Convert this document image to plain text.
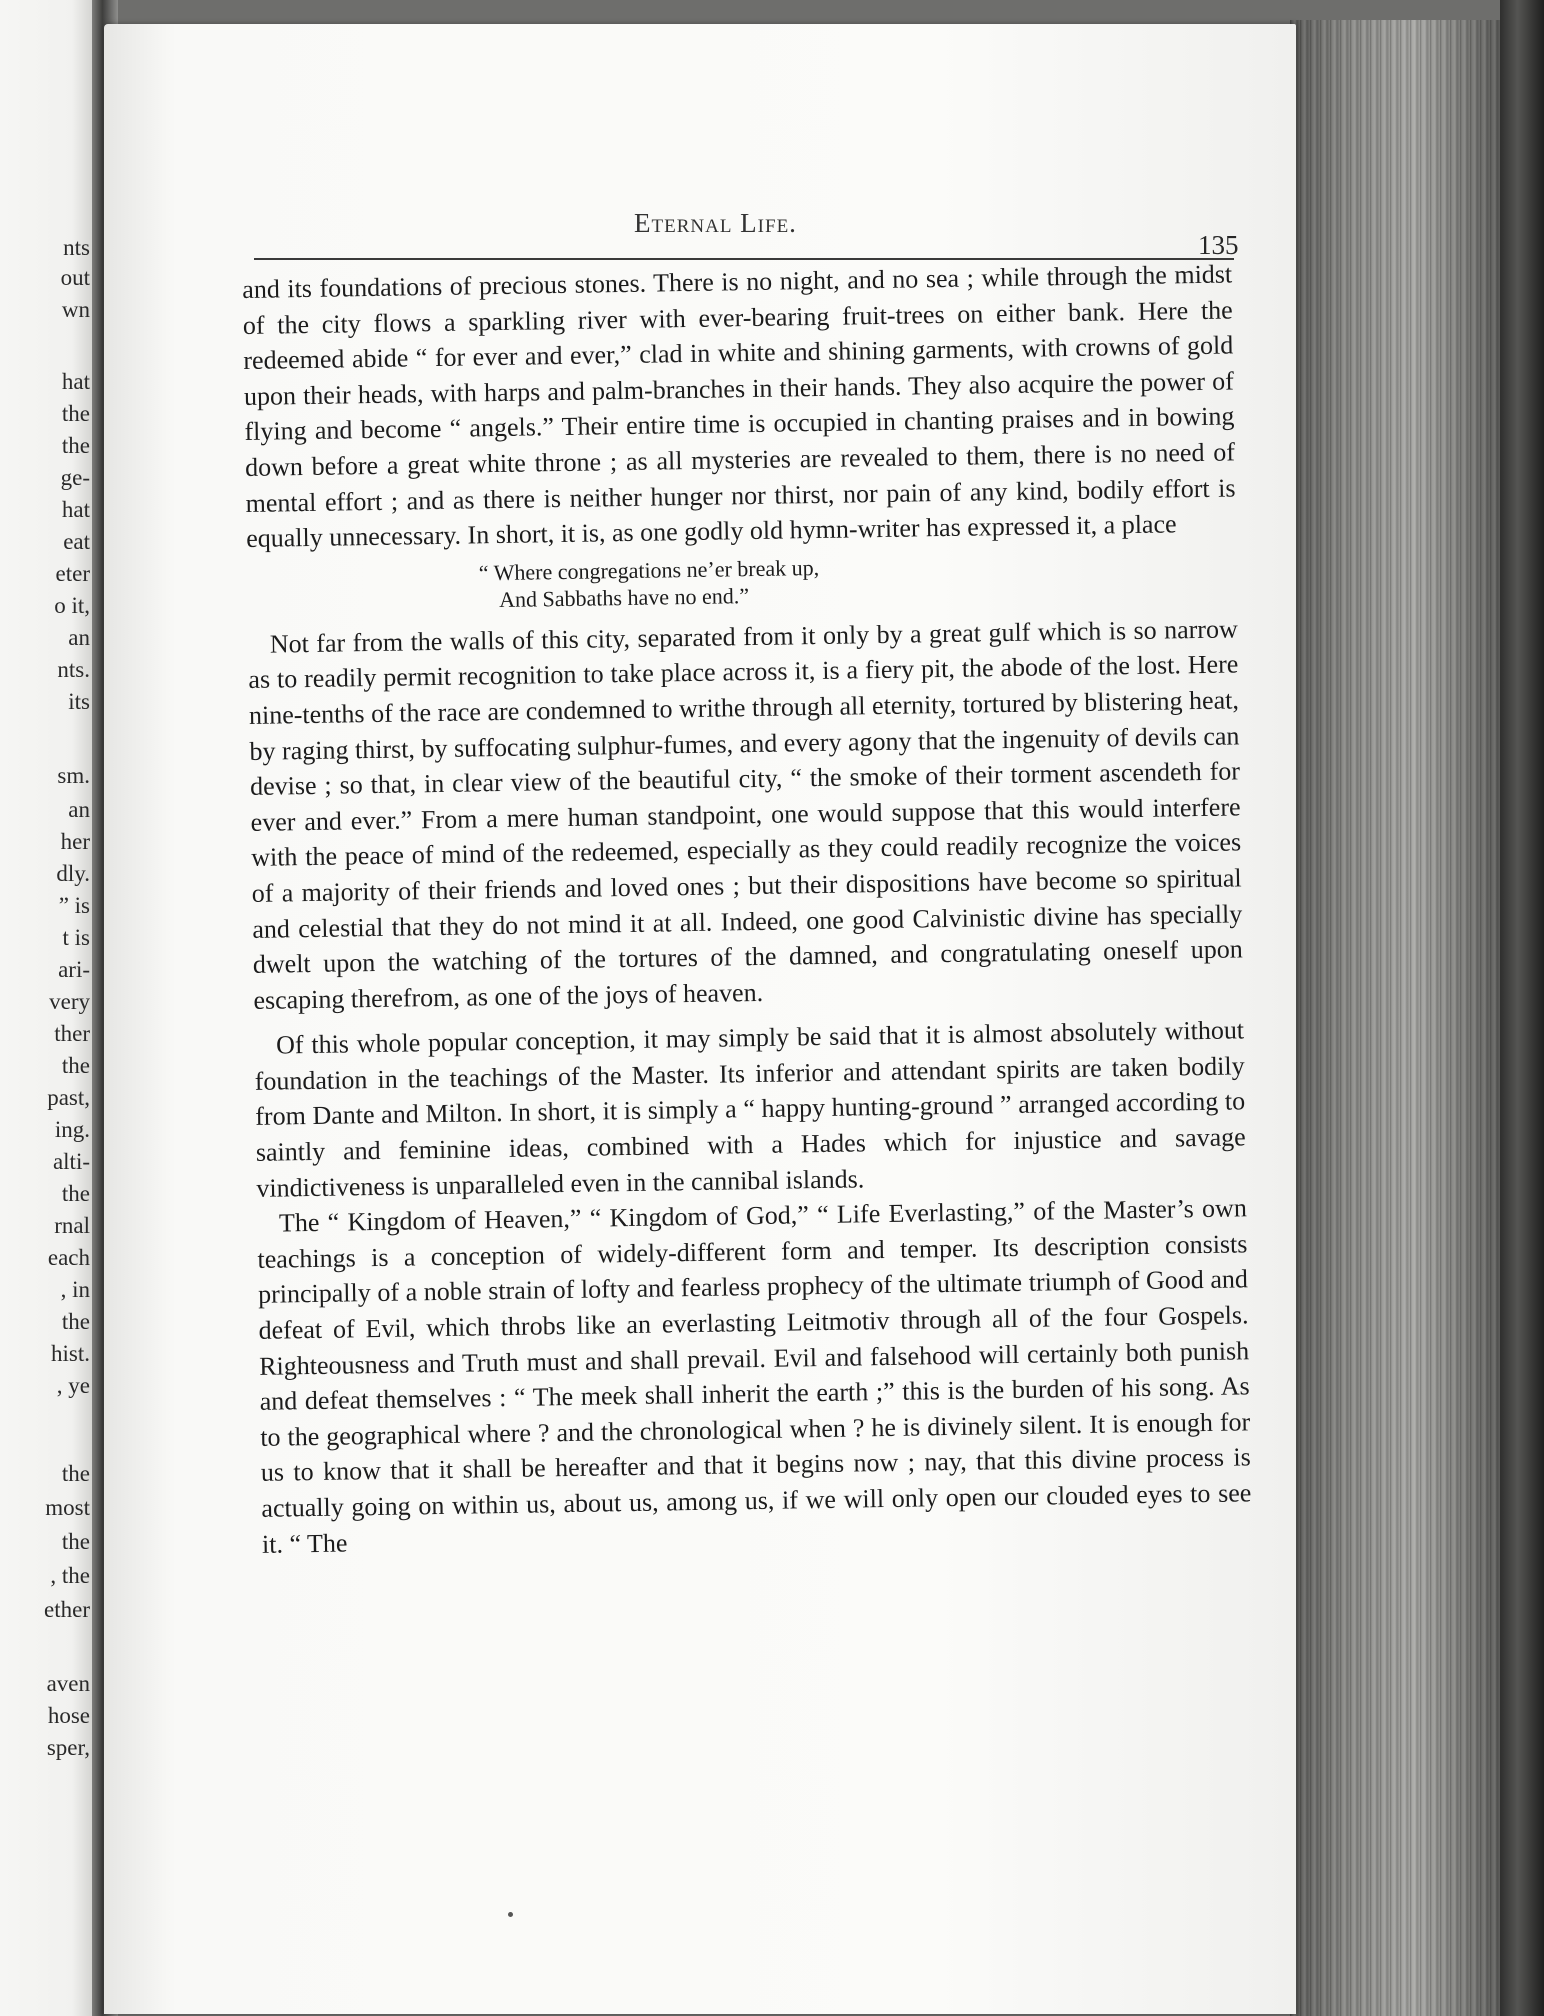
nts
out
wn
hat
the
the
ge-
hat
eat
eter
o it,
an
nts.
its
sm.
an
her
dly.
” is
t is
ari-
very
ther
the
past,
ing.
alti-
the
rnal
each
, in
the
hist.
, ye
the
most
the
, the
ether
aven
hose
sper,
Eternal Life.
135

and its foundations of precious stones. There is no night, and no sea ; while through the midst of the city flows a sparkling river with ever-bearing fruit-trees on either bank. Here the redeemed abide “ for ever and ever,” clad in white and shining garments, with crowns of gold upon their heads, with harps and palm-branches in their hands. They also acquire the power of flying and become “ angels.” Their entire time is occupied in chanting praises and in bowing down before a great white throne ; as all mysteries are revealed to them, there is no need of mental effort ; and as there is neither hunger nor thirst, nor pain of any kind, bodily effort is equally unnecessary. In short, it is, as one godly old hymn-writer has expressed it, a place

“ Where congregations ne’er break up,
And Sabbaths have no end.”

Not far from the walls of this city, separated from it only by a great gulf which is so narrow as to readily permit recognition to take place across it, is a fiery pit, the abode of the lost. Here nine-tenths of the race are condemned to writhe through all eternity, tortured by blistering heat, by raging thirst, by suffocating sulphur-fumes, and every agony that the ingenuity of devils can devise ; so that, in clear view of the beautiful city, “ the smoke of their torment ascendeth for ever and ever.” From a mere human standpoint, one would suppose that this would interfere with the peace of mind of the redeemed, especially as they could readily recognize the voices of a majority of their friends and loved ones ; but their dispositions have become so spiritual and celestial that they do not mind it at all. Indeed, one good Calvinistic divine has specially dwelt upon the watching of the tortures of the damned, and congratulating oneself upon escaping therefrom, as one of the joys of heaven.

Of this whole popular conception, it may simply be said that it is almost absolutely without foundation in the teachings of the Master. Its inferior and attendant spirits are taken bodily from Dante and Milton. In short, it is simply a “ happy hunting-ground ” arranged according to saintly and feminine ideas, combined with a Hades which for injustice and savage vindictiveness is unparalleled even in the cannibal islands.

The “ Kingdom of Heaven,” “ Kingdom of God,” “ Life Everlasting,” of the Master’s own teachings is a conception of widely-different form and temper. Its description consists principally of a noble strain of lofty and fearless prophecy of the ultimate triumph of Good and defeat of Evil, which throbs like an everlasting Leitmotiv through all of the four Gospels. Righteousness and Truth must and shall prevail. Evil and falsehood will certainly both punish and defeat themselves : “ The meek shall inherit the earth ;” this is the burden of his song. As to the geographical where ? and the chronological when ? he is divinely silent. It is enough for us to know that it shall be hereafter and that it begins now ; nay, that this divine process is actually going on within us, about us, among us, if we will only open our clouded eyes to see it. “ The
